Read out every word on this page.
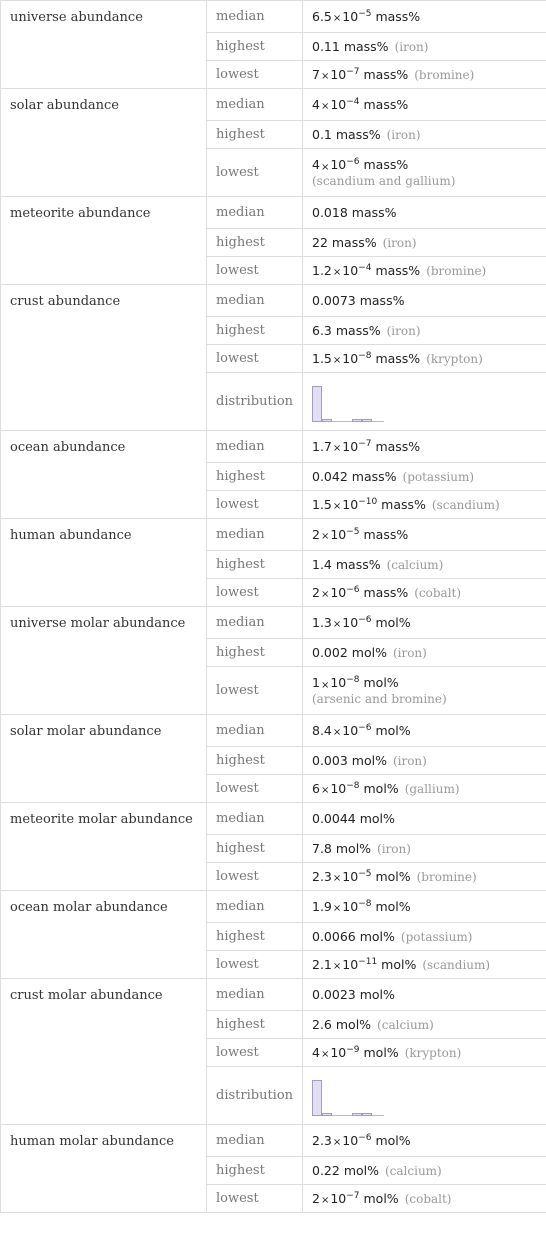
universe abundance	median	$6.5\times 10^{-5}$ mass%
	highest	0.11 mass% (iron)
	lowest	$7\times 10^{-7}$ mass% (bromine)
solar abundance	median	$4\times 10^{-4}$ mass%
	highest	0.1 mass% (iron)
	lowest	$4\times 10^{-6}$ mass%
(scandium and gallium)

meteorite abundance	median	0.018 mass%
	highest	22 mass% (iron)
	lowest	$1.2\times 10^{-4}$ mass% (bromine)
crust abundance	median	0.0073 mass%
	highest	6.3 mass% (iron)
	lowest	$1.5\times 10^{-8}$ mass% (krypton)
	distribution	

ocean abundance	median	$1.7\times 10^{-7}$ mass%
	highest	0.042 mass% (potassium)
	lowest	$1.5\times 10^{-10}$ mass% (scandium)
human abundance	median	$2\times 10^{-5}$ mass%
	highest	1.4 mass% (calcium)
	lowest	$2\times 10^{-6}$ mass% (cobalt)
universe molar abundance	median	$1.3\times 10^{-6}$ mol%
	highest	0.002 mol% (iron)
	lowest	$1\times 10^{-8}$ mol%
(arsenic and bromine)

solar molar abundance	median	$8.4\times 10^{-6}$ mol%
	highest	0.003 mol% (iron)
	lowest	$6\times 10^{-8}$ mol% (gallium)
meteorite molar abundance	median	0.0044 mol%
	highest	7.8 mol% (iron)
	lowest	$2.3\times 10^{-5}$ mol% (bromine)
ocean molar abundance	median	$1.9\times 10^{-8}$ mol%
	highest	0.0066 mol% (potassium)
	lowest	$2.1\times 10^{-11}$ mol% (scandium)
crust molar abundance	median	0.0023 mol%
	highest	2.6 mol% (calcium)
	lowest	$4\times 10^{-9}$ mol% (krypton)
	distribution	

human molar abundance	median	$2.3\times 10^{-6}$ mol%
	highest	0.22 mol% (calcium)
	lowest	$2\times 10^{-7}$ mol% (cobalt)
